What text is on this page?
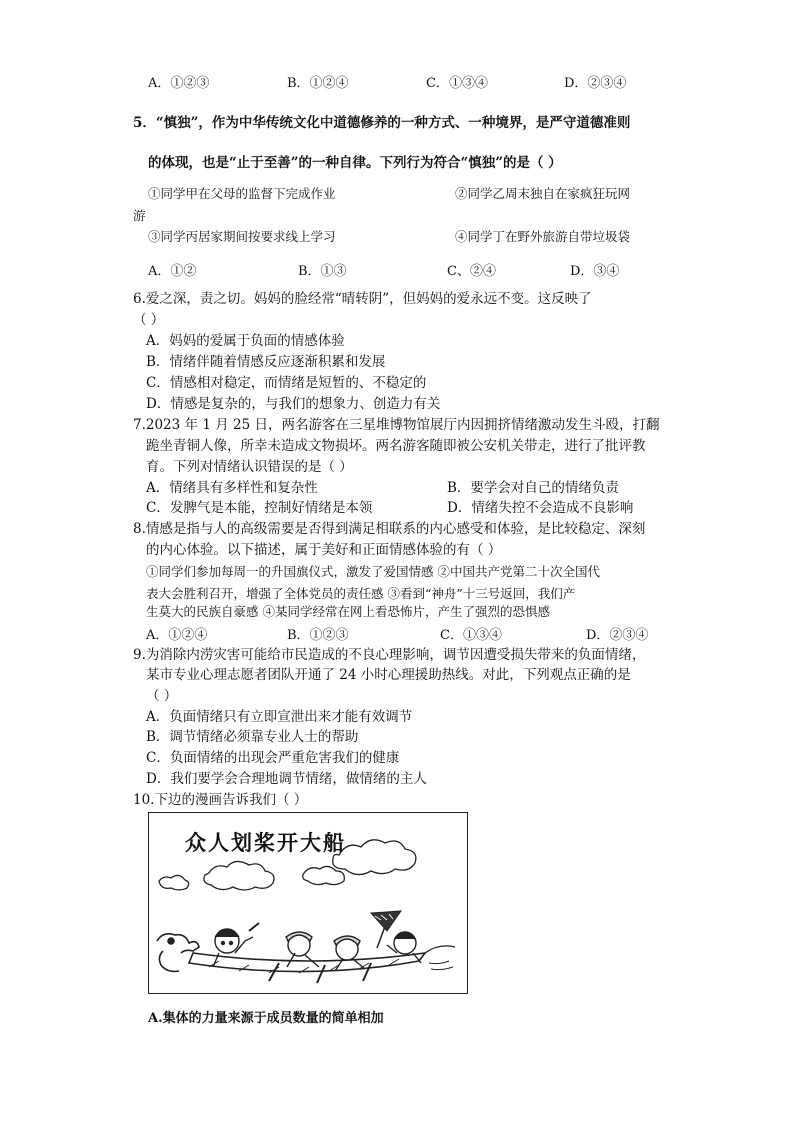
A．①②③	B．①②④	C．①③④	D．②③④
5．“慎独”，作为中华传统文化中道德修养的一种方式、一种境界，是严守道德准则
的体现，也是“止于至善”的一种自律。下列行为符合“慎独”的是（ ）
①同学甲在父母的监督下完成作业	②同学乙周末独自在家疯狂玩网
游
③同学丙居家期间按要求线上学习	④同学丁在野外旅游自带垃圾袋
A．①②	B．①③	C、②④	D．③④
6.爱之深，责之切。妈妈的脸经常“晴转阴”，但妈妈的爱永远不变。这反映了
（ ）
A．妈妈的爱属于负面的情感体验
B．情绪伴随着情感反应逐渐积累和发展
C．情感相对稳定，而情绪是短暂的、不稳定的
D．情感是复杂的，与我们的想象力、创造力有关
7.2023 年 1 月 25 日，两名游客在三星堆博物馆展厅内因拥挤情绪激动发生斗殴，打翻
跪坐青铜人像，所幸未造成文物损坏。两名游客随即被公安机关带走，进行了批评教
育。下列对情绪认识错误的是（ ）
A．情绪具有多样性和复杂性	B．要学会对自己的情绪负责
C．发脾气是本能，控制好情绪是本领	D．情绪失控不会造成不良影响
8.情感是指与人的高级需要是否得到满足相联系的内心感受和体验，是比较稳定、深刻
的内心体验。以下描述，属于美好和正面情感体验的有（ ）
①同学们参加每周一的升国旗仪式，激发了爱国情感 ②中国共产党第二十次全国代
表大会胜利召开，增强了全体党员的责任感 ③看到“神舟”十三号返回，我们产
生莫大的民族自豪感 ④某同学经常在网上看恐怖片，产生了强烈的恐惧感
A．①②④	B．①②③	C．①③④	D．②③④
9.为消除内涝灾害可能给市民造成的不良心理影响，调节因遭受损失带来的负面情绪，
某市专业心理志愿者团队开通了 24 小时心理援助热线。对此，下列观点正确的是
（ ）
A．负面情绪只有立即宣泄出来才能有效调节
B．调节情绪必须靠专业人士的帮助
C．负面情绪的出现会严重危害我们的健康
D．我们要学会合理地调节情绪，做情绪的主人
10.下边的漫画告诉我们（ ）
众人划桨开大船
A.集体的力量来源于成员数量的简单相加
